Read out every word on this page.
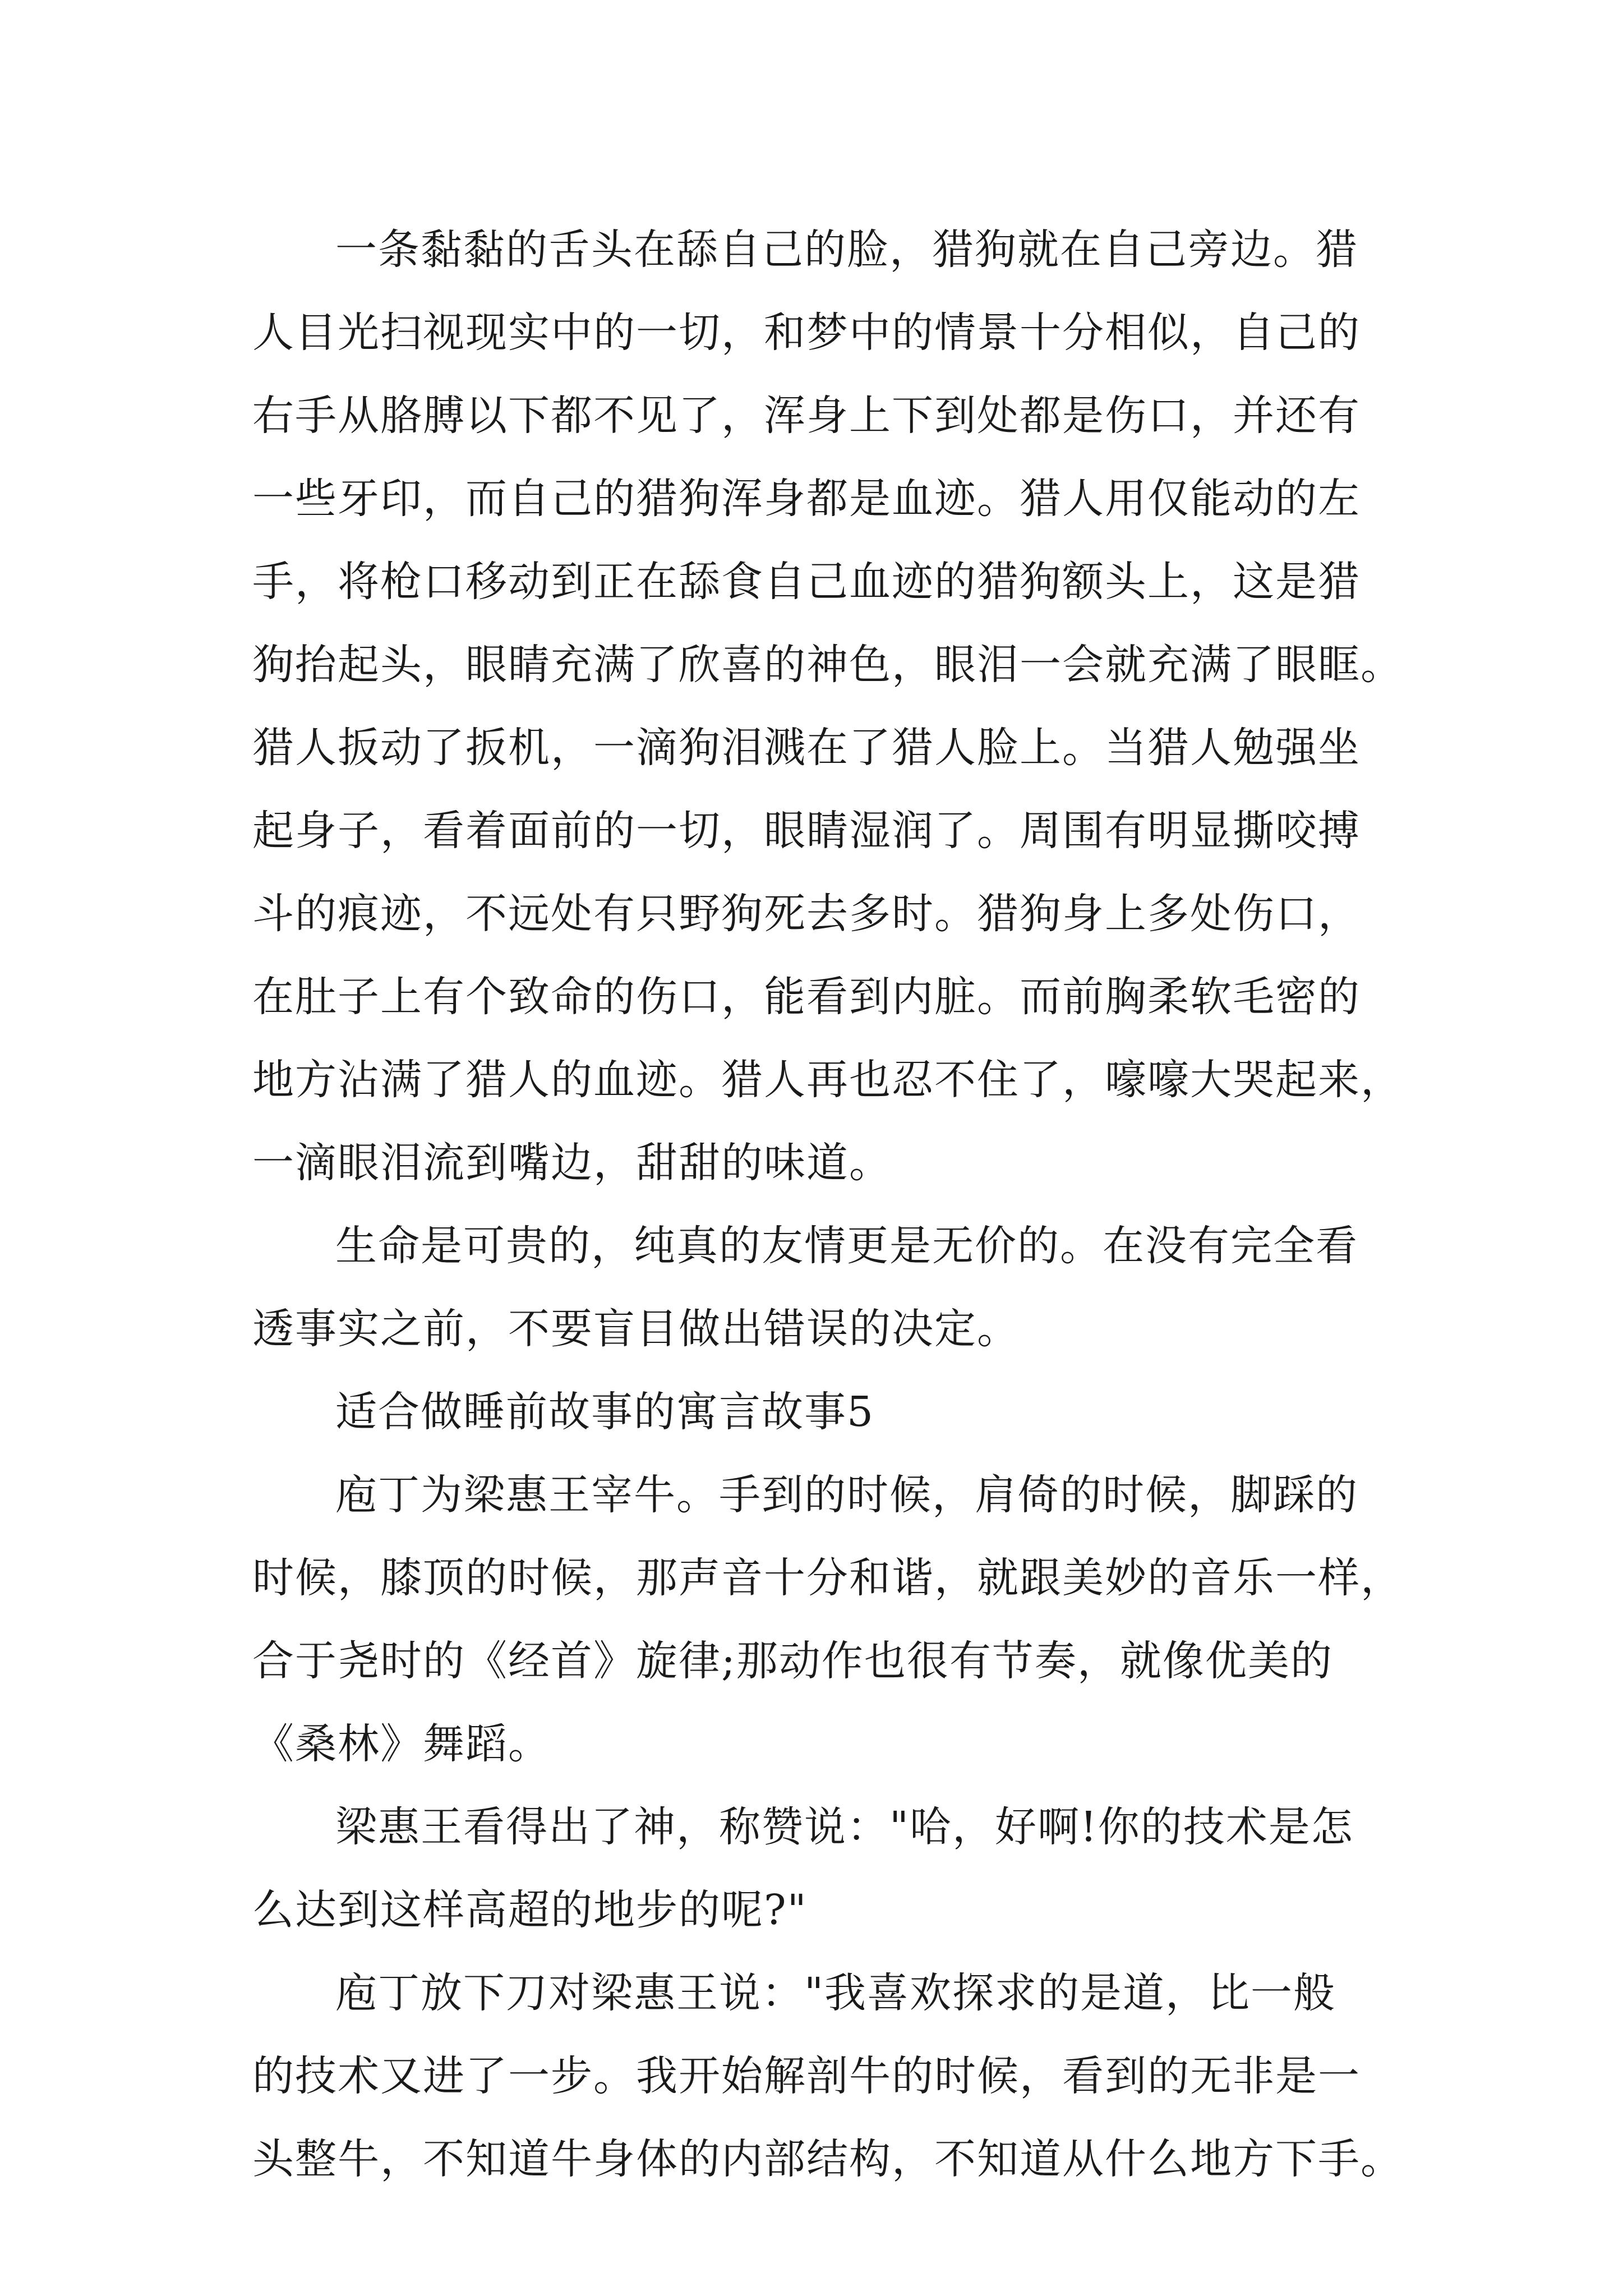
一条黏黏的舌头在舔自己的脸，猎狗就在自己旁边。猎
人目光扫视现实中的一切，和梦中的情景十分相似，自己的
右手从胳膊以下都不见了，浑身上下到处都是伤口，并还有
一些牙印，而自己的猎狗浑身都是血迹。猎人用仅能动的左
手，将枪口移动到正在舔食自己血迹的猎狗额头上，这是猎
狗抬起头，眼睛充满了欣喜的神色，眼泪一会就充满了眼眶。
猎人扳动了扳机，一滴狗泪溅在了猎人脸上。当猎人勉强坐
起身子，看着面前的一切，眼睛湿润了。周围有明显撕咬搏
斗的痕迹，不远处有只野狗死去多时。猎狗身上多处伤口，
在肚子上有个致命的伤口，能看到内脏。而前胸柔软毛密的
地方沾满了猎人的血迹。猎人再也忍不住了，嚎嚎大哭起来，
一滴眼泪流到嘴边，甜甜的味道。
生命是可贵的，纯真的友情更是无价的。在没有完全看
透事实之前，不要盲目做出错误的决定。
适合做睡前故事的寓言故事5
庖丁为梁惠王宰牛。手到的时候，肩倚的时候，脚踩的
时候，膝顶的时候，那声音十分和谐，就跟美妙的音乐一样，
合于尧时的《经首》旋律;那动作也很有节奏，就像优美的
《桑林》舞蹈。
梁惠王看得出了神，称赞说："哈，好啊!你的技术是怎
么达到这样高超的地步的呢?"
庖丁放下刀对梁惠王说："我喜欢探求的是道，比一般
的技术又进了一步。我开始解剖牛的时候，看到的无非是一
头整牛，不知道牛身体的内部结构，不知道从什么地方下手。
